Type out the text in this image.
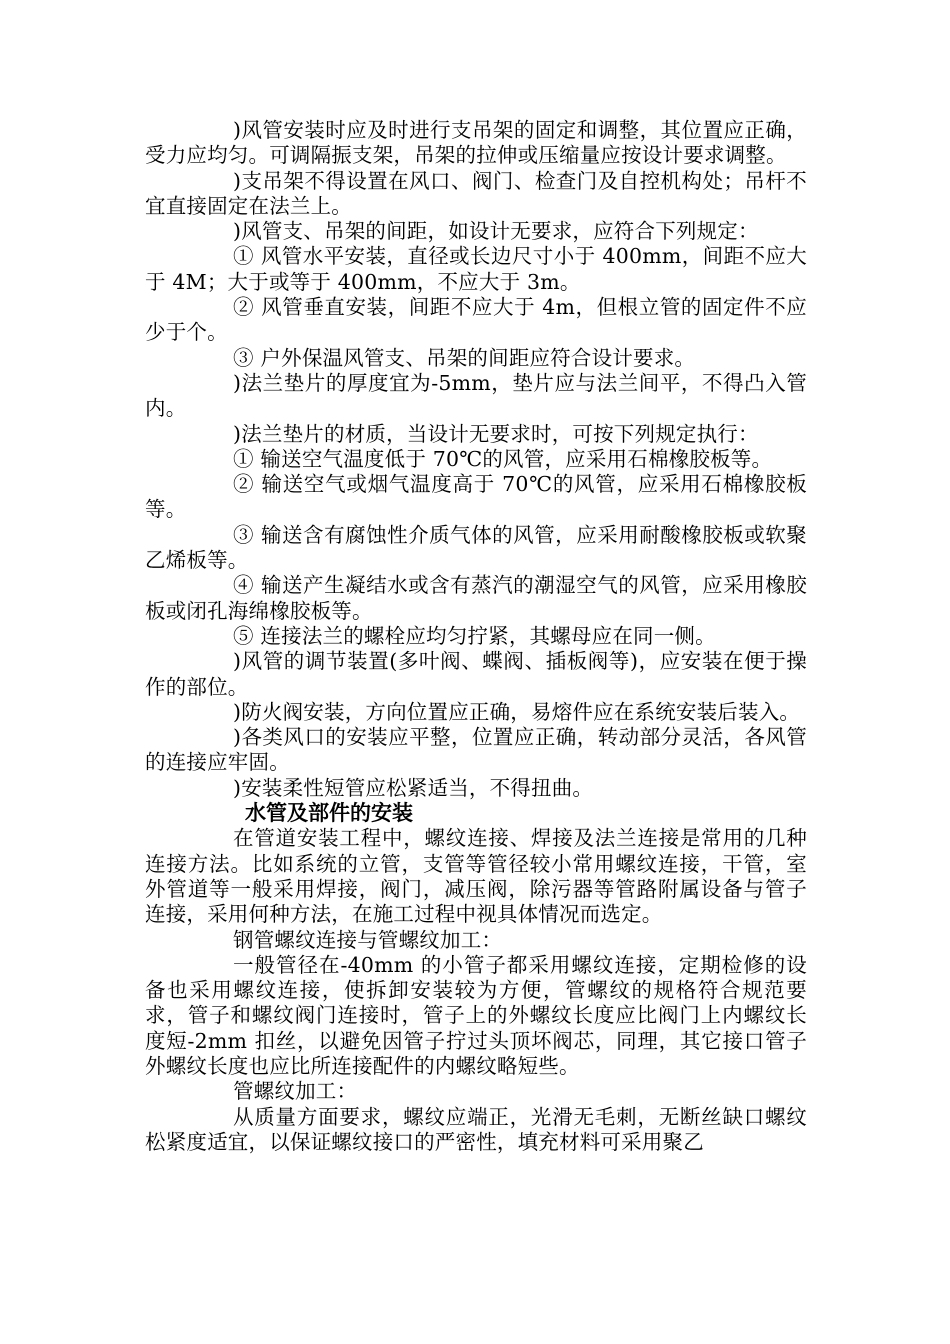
)风管安装时应及时进行支吊架的固定和调整，其位置应正确，受力应均匀。可调隔振支架，吊架的拉伸或压缩量应按设计要求调整。

)支吊架不得设置在风口、阀门、检查门及自控机构处；吊杆不宜直接固定在法兰上。

)风管支、吊架的间距，如设计无要求，应符合下列规定：

① 风管水平安装，直径或长边尺寸小于 400mm，间距不应大于 4M；大于或等于 400mm，不应大于 3m。

② 风管垂直安装，间距不应大于 4m，但根立管的固定件不应少于个。

③ 户外保温风管支、吊架的间距应符合设计要求。

)法兰垫片的厚度宜为-5mm，垫片应与法兰间平，不得凸入管内。

)法兰垫片的材质，当设计无要求时，可按下列规定执行：

① 输送空气温度低于 70℃的风管，应采用石棉橡胶板等。

② 输送空气或烟气温度高于 70℃的风管，应采用石棉橡胶板等。

③ 输送含有腐蚀性介质气体的风管，应采用耐酸橡胶板或软聚乙烯板等。

④ 输送产生凝结水或含有蒸汽的潮湿空气的风管，应采用橡胶板或闭孔海绵橡胶板等。

⑤ 连接法兰的螺栓应均匀拧紧，其螺母应在同一侧。

)风管的调节装置(多叶阀、蝶阀、插板阀等)，应安装在便于操作的部位。

)防火阀安装，方向位置应正确，易熔件应在系统安装后装入。

)各类风口的安装应平整，位置应正确，转动部分灵活，各风管的连接应牢固。

)安装柔性短管应松紧适当，不得扭曲。

水管及部件的安装

在管道安装工程中，螺纹连接、焊接及法兰连接是常用的几种连接方法。比如系统的立管，支管等管径较小常用螺纹连接，干管，室外管道等一般采用焊接，阀门，减压阀，除污器等管路附属设备与管子连接，采用何种方法，在施工过程中视具体情况而选定。

钢管螺纹连接与管螺纹加工：

一般管径在-40mm 的小管子都采用螺纹连接，定期检修的设备也采用螺纹连接，使拆卸安装较为方便，管螺纹的规格符合规范要求，管子和螺纹阀门连接时，管子上的外螺纹长度应比阀门上内螺纹长度短-2mm 扣丝，以避免因管子拧过头顶坏阀芯，同理，其它接口管子外螺纹长度也应比所连接配件的内螺纹略短些。

管螺纹加工：

从质量方面要求，螺纹应端正，光滑无毛刺，无断丝缺口螺纹松紧度适宜，以保证螺纹接口的严密性，填充材料可采用聚乙
